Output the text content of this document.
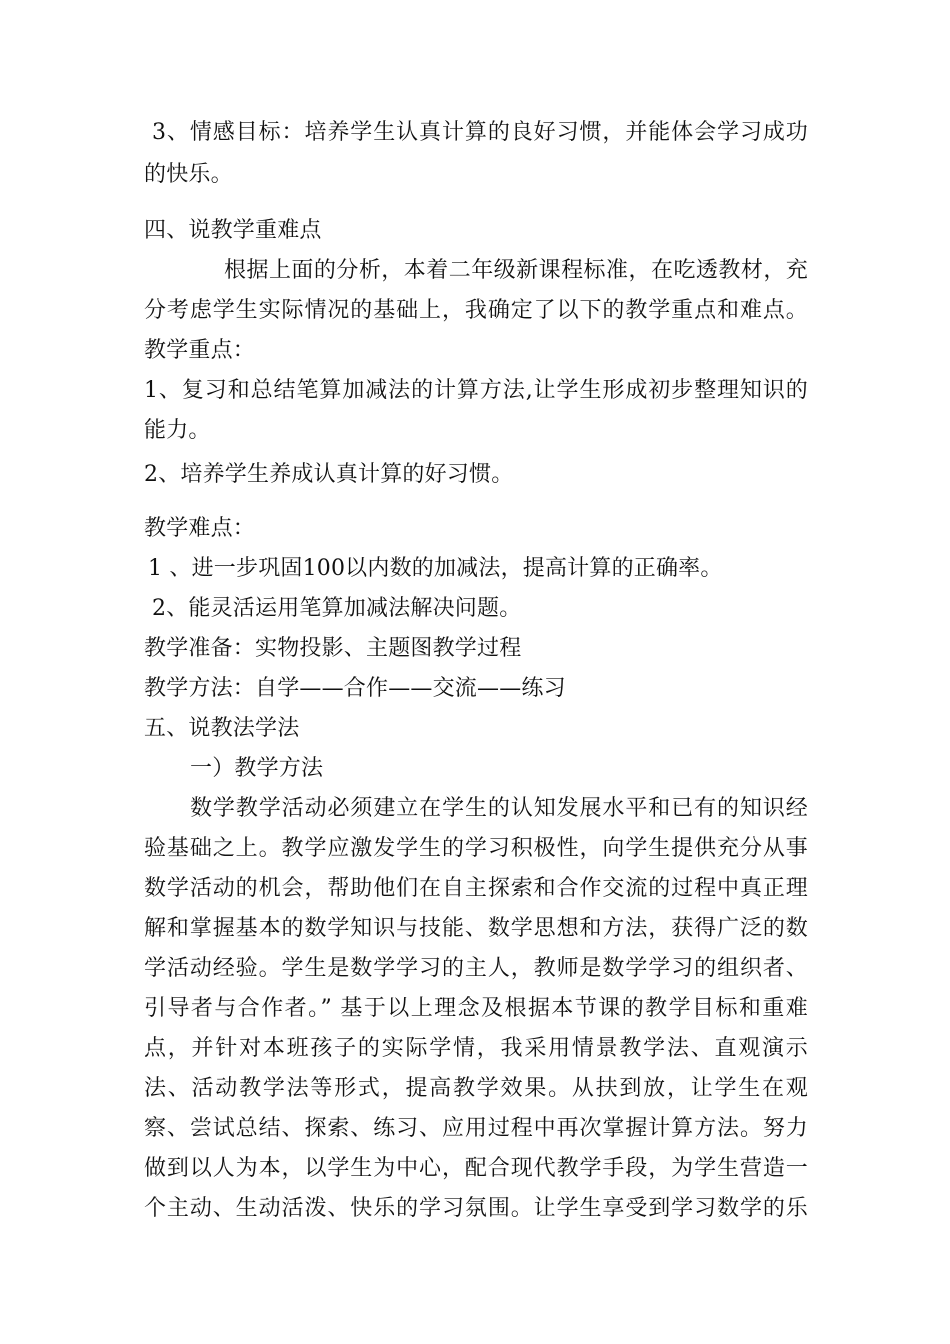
3、情感目标：培养学生认真计算的良好习惯，并能体会学习成功
的快乐。
四、说教学重难点
根据上面的分析，本着二年级新课程标准，在吃透教材，充
分考虑学生实际情况的基础上，我确定了以下的教学重点和难点。
教学重点：
1、复习和总结笔算加减法的计算方法,让学生形成初步整理知识的
能力。
2、培养学生养成认真计算的好习惯。
教学难点：
1 、进一步巩固100以内数的加减法，提高计算的正确率。
2、能灵活运用笔算加减法解决问题。
教学准备：实物投影、主题图教学过程
教学方法：自学——合作——交流——练习
五、说教法学法
一）教学方法
数学教学活动必须建立在学生的认知发展水平和已有的知识经
验基础之上。教学应激发学生的学习积极性，向学生提供充分从事
数学活动的机会，帮助他们在自主探索和合作交流的过程中真正理
解和掌握基本的数学知识与技能、数学思想和方法，获得广泛的数
学活动经验。学生是数学学习的主人，教师是数学学习的组织者、
引导者与合作者。” 基于以上理念及根据本节课的教学目标和重难
点，并针对本班孩子的实际学情，我采用情景教学法、直观演示
法、活动教学法等形式，提高教学效果。从扶到放，让学生在观
察、尝试总结、探索、练习、应用过程中再次掌握计算方法。努力
做到以人为本，以学生为中心，配合现代教学手段，为学生营造一
个主动、生动活泼、快乐的学习氛围。让学生享受到学习数学的乐
